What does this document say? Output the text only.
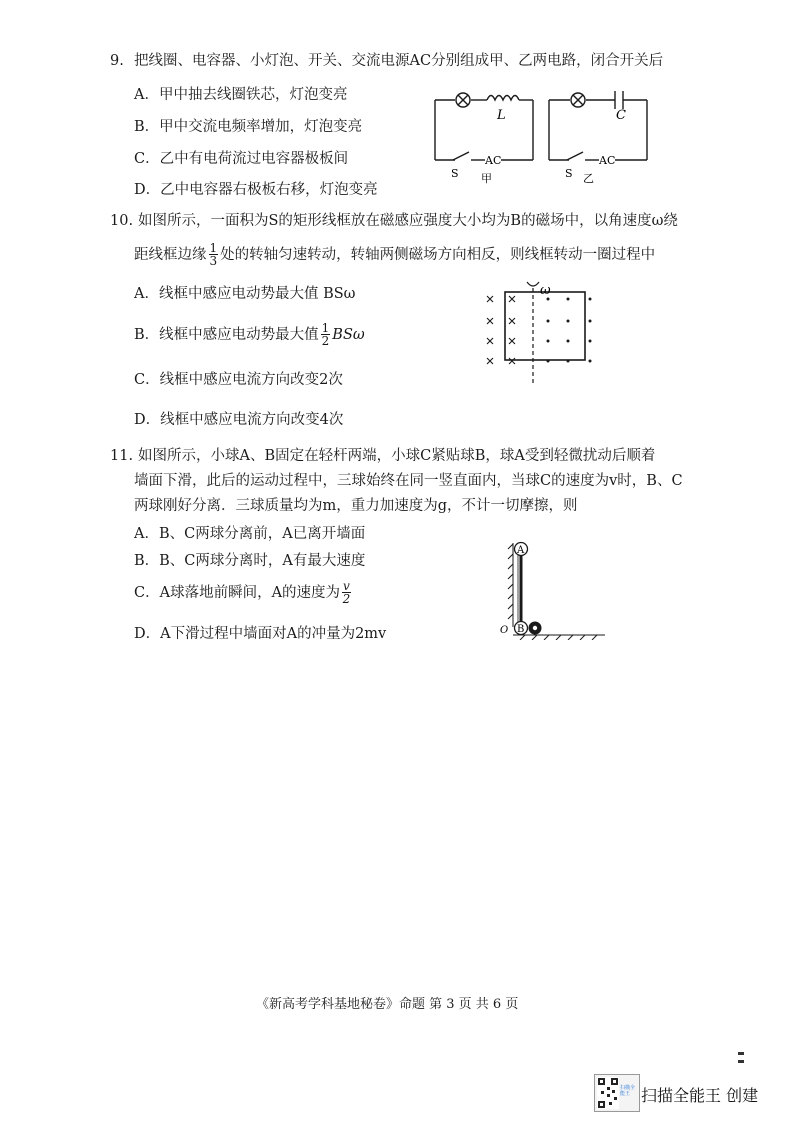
9. 把线圈、电容器、小灯泡、开关、交流电源AC分别组成甲、乙两电路，闭合开关后
A．甲中抽去线圈铁芯，灯泡变亮
B．甲中交流电频率增加，灯泡变亮
C．乙中有电荷流过电容器极板间
D．乙中电容器右极板右移，灯泡变亮
L
S
AC
甲
C
S
AC
乙
10. 如图所示，一面积为S的矩形线框放在磁感应强度大小均为B的磁场中，以角速度ω绕
距线框边缘 $\frac{1}{3}$ 处的转轴匀速转动，转轴两侧磁场方向相反，则线框转动一圈过程中
A．线框中感应电动势最大值 BSω
B．线框中感应电动势最大值 $\frac{1}{2}$ BSω
C．线框中感应电流方向改变2次
D．线框中感应电流方向改变4次
ω
11. 如图所示，小球A、B固定在轻杆两端，小球C紧贴球B，球A受到轻微扰动后顺着
墙面下滑，此后的运动过程中，三球始终在同一竖直面内，当球C的速度为v时，B、C
两球刚好分离．三球质量均为m，重力加速度为g，不计一切摩擦，则
A．B、C两球分离前，A已离开墙面
B．B、C两球分离时，A有最大速度
C．A球落地前瞬间，A的速度为 $\frac{v}{2}$
D．A下滑过程中墙面对A的冲量为2mv
A
B
O
《新高考学科基地秘卷》命题 第 3 页 共 6 页
扫描全能王 扫描全能王 创建
